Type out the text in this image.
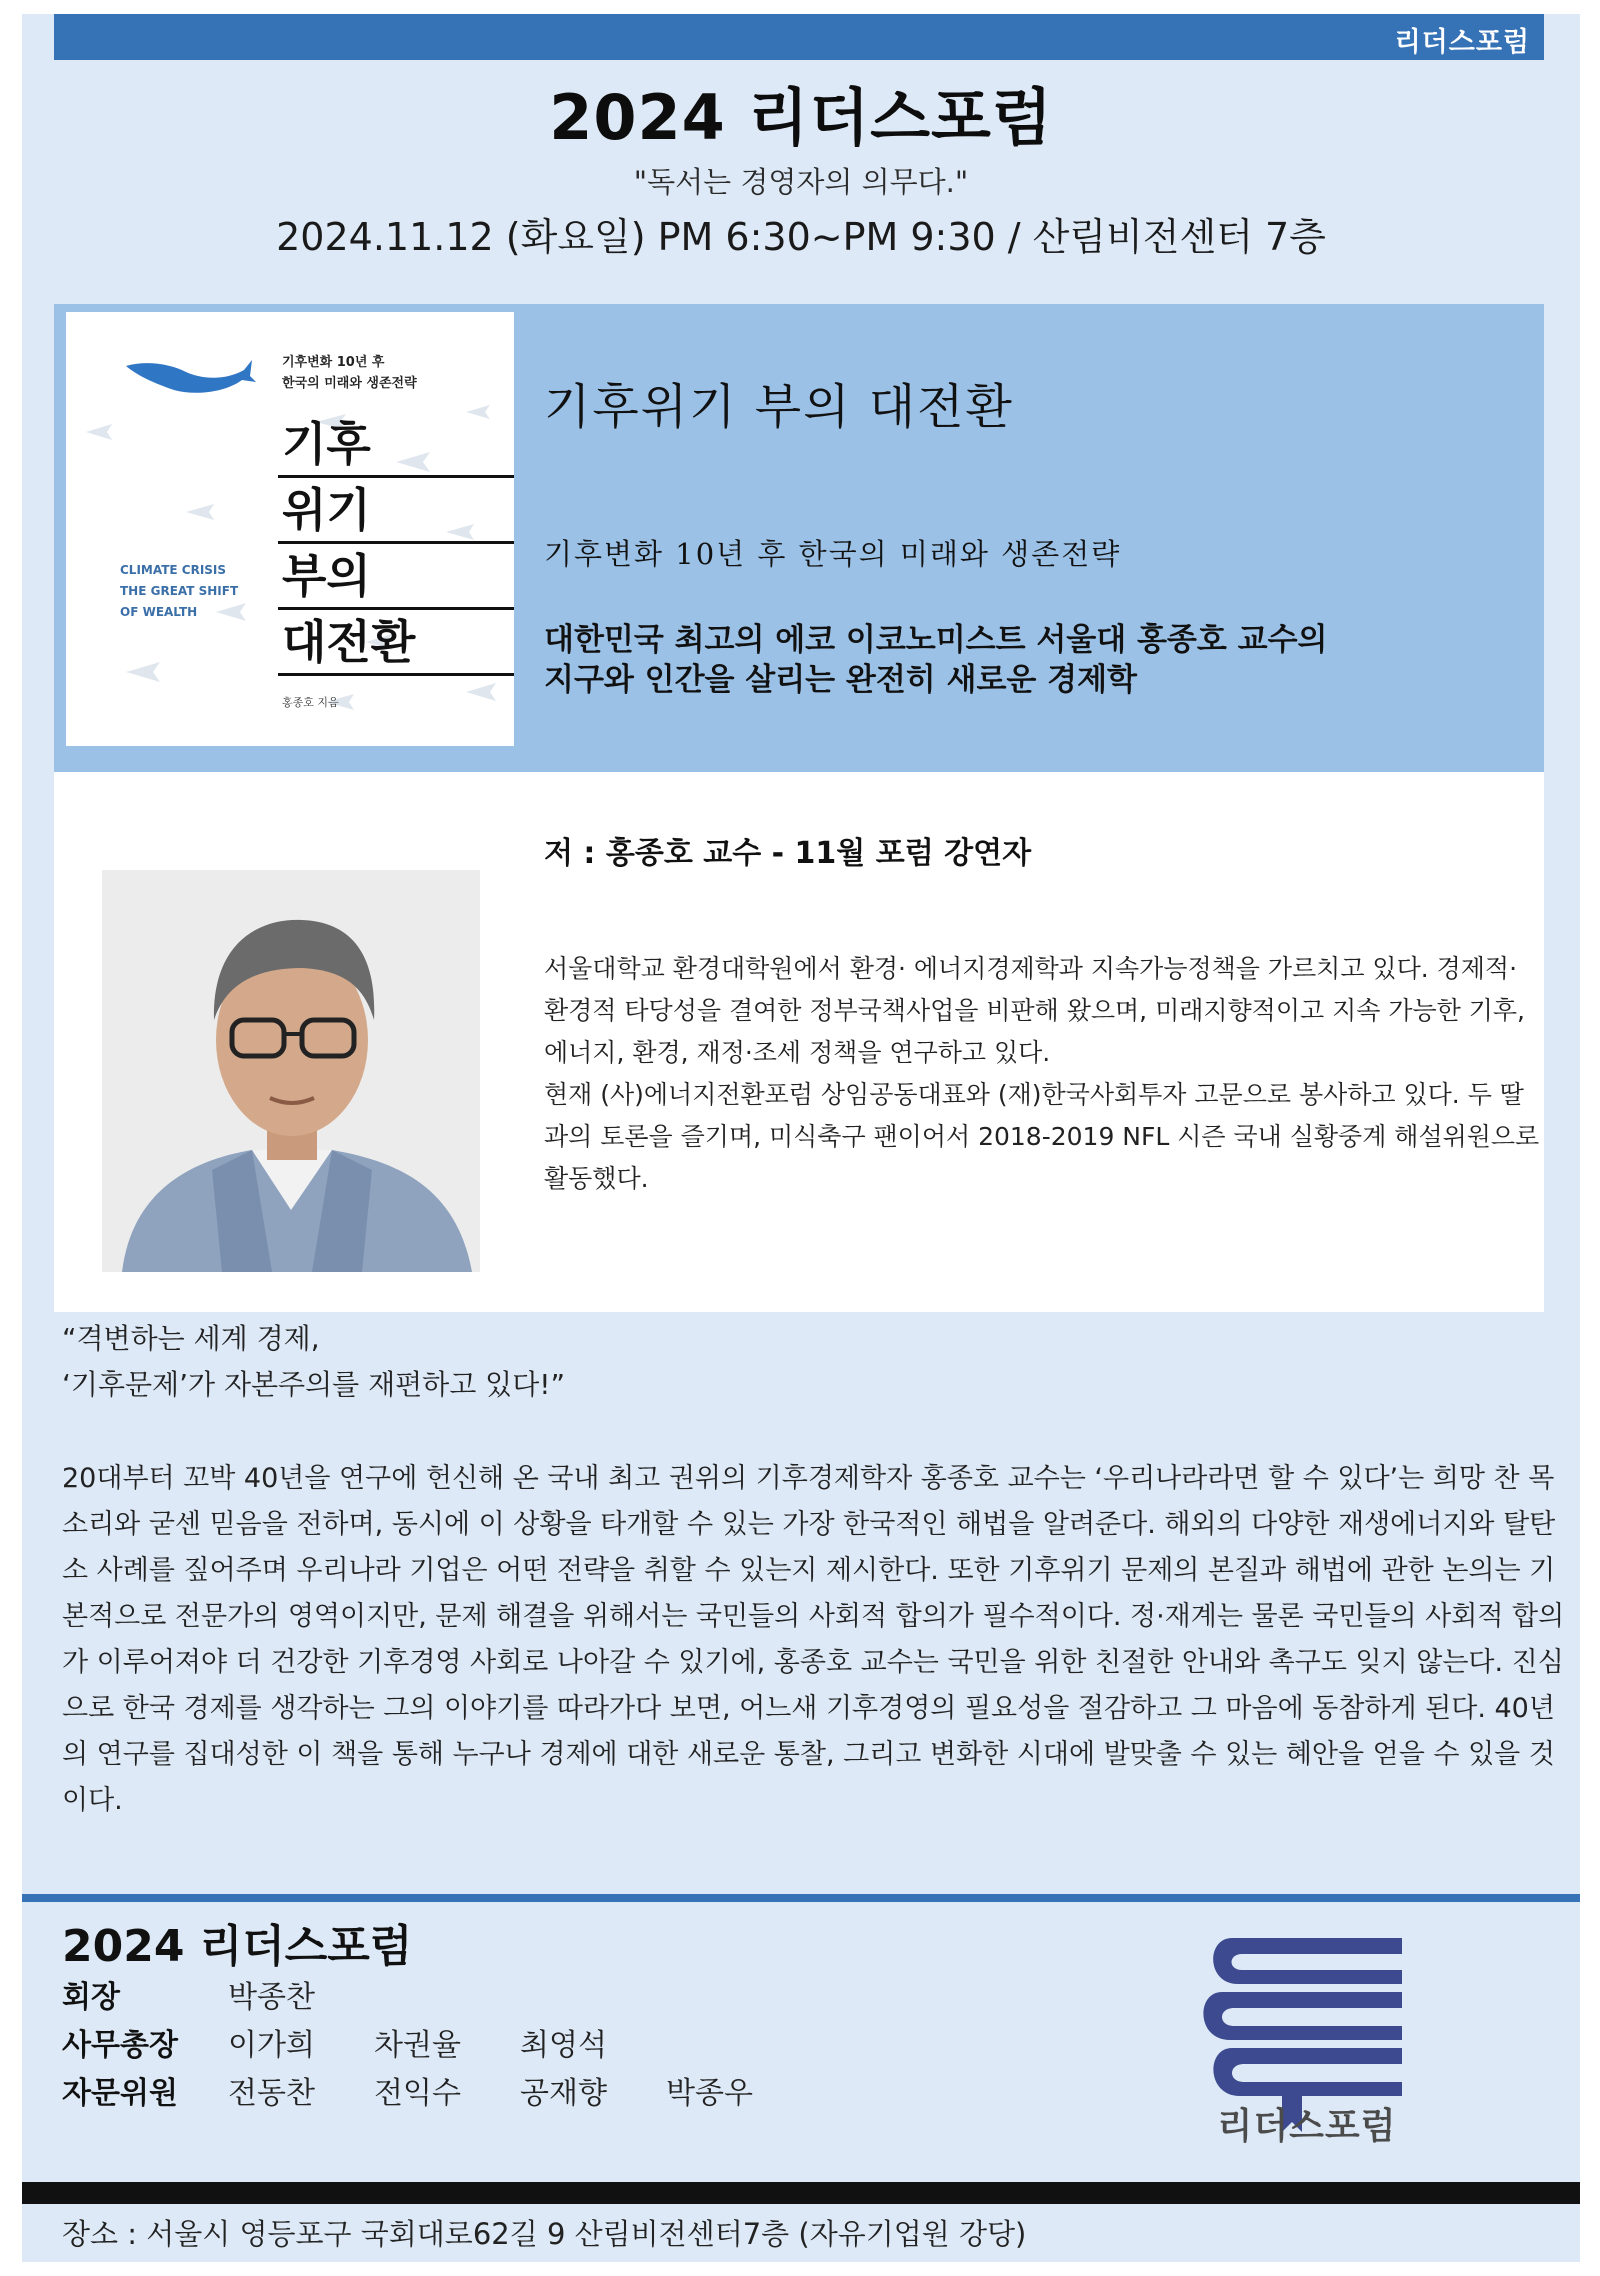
리더스포럼
2024 리더스포럼
"독서는 경영자의 의무다."
2024.11.12 (화요일) PM 6:30~PM 9:30 / 산림비전센터 7층
기후변화 10년 후
한국의 미래와 생존전략
기후
위기
부의
대전환
CLIMATE CRISIS
THE GREAT SHIFT
OF WEALTH
홍종호 지음
기후위기 부의 대전환
기후변화 10년 후 한국의 미래와 생존전략
대한민국 최고의 에코 이코노미스트 서울대 홍종호 교수의
지구와 인간을 살리는 완전히 새로운 경제학
저 : 홍종호 교수 - 11월 포럼 강연자

서울대학교 환경대학원에서 환경· 에너지경제학과 지속가능정책을 가르치고 있다. 경제적· 환경적 타당성을 결여한 정부국책사업을 비판해 왔으며, 미래지향적이고 지속 가능한 기후, 에너지, 환경, 재정·조세 정책을 연구하고 있다.

현재 (사)에너지전환포럼 상임공동대표와 (재)한국사회투자 고문으로 봉사하고 있다. 두 딸과의 토론을 즐기며, 미식축구 팬이어서 2018-2019 NFL 시즌 국내 실황중계 해설위원으로 활동했다.

“격변하는 세계 경제,
‘기후문제’가 자본주의를 재편하고 있다!”
20대부터 꼬박 40년을 연구에 헌신해 온 국내 최고 권위의 기후경제학자 홍종호 교수는 ‘우리나라라면 할 수 있다’는 희망 찬 목소리와 굳센 믿음을 전하며, 동시에 이 상황을 타개할 수 있는 가장 한국적인 해법을 알려준다. 해외의 다양한 재생에너지와 탈탄소 사례를 짚어주며 우리나라 기업은 어떤 전략을 취할 수 있는지 제시한다. 또한 기후위기 문제의 본질과 해법에 관한 논의는 기본적으로 전문가의 영역이지만, 문제 해결을 위해서는 국민들의 사회적 합의가 필수적이다. 정·재계는 물론 국민들의 사회적 합의가 이루어져야 더 건강한 기후경영 사회로 나아갈 수 있기에, 홍종호 교수는 국민을 위한 친절한 안내와 촉구도 잊지 않는다. 진심으로 한국 경제를 생각하는 그의 이야기를 따라가다 보면, 어느새 기후경영의 필요성을 절감하고 그 마음에 동참하게 된다. 40년의 연구를 집대성한 이 책을 통해 누구나 경제에 대한 새로운 통찰, 그리고 변화한 시대에 발맞출 수 있는 혜안을 얻을 수 있을 것이다.
2024 리더스포럼
회장	박종찬
사무총장	이가희	차권율	최영석
자문위원	전동찬	전익수	공재향	박종우
리더스포럼
장소 : 서울시 영등포구 국회대로62길 9 산림비전센터7층 (자유기업원 강당)
